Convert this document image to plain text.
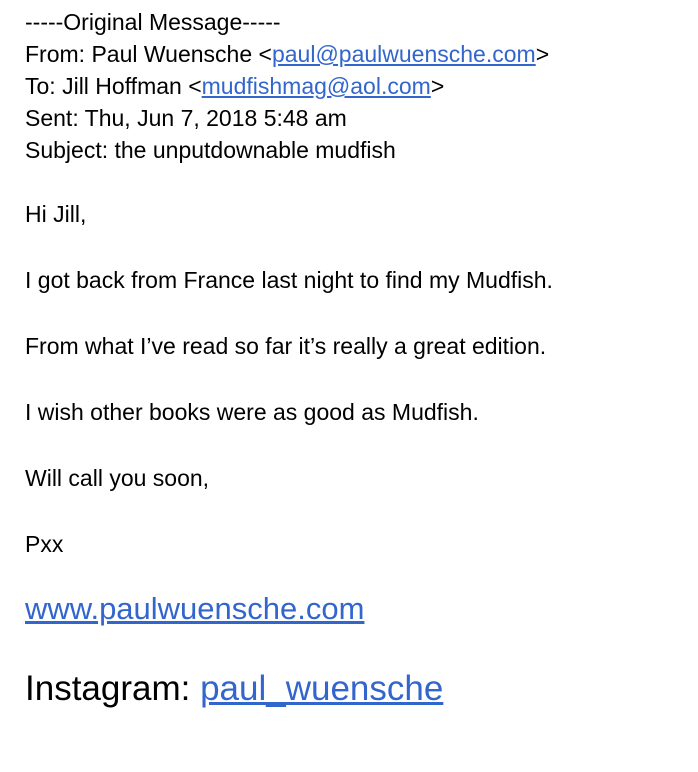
-----Original Message-----
From: Paul Wuensche <paul@paulwuensche.com>
To: Jill Hoffman <mudfishmag@aol.com>
Sent: Thu, Jun 7, 2018 5:48 am
Subject: the unputdownable mudfish

Hi Jill,

I got back from France last night to find my Mudfish.

From what I’ve read so far it’s really a great edition.

I wish other books were as good as Mudfish.

Will call you soon,

Pxx

www.paulwuensche.com
Instagram: paul_wuensche
